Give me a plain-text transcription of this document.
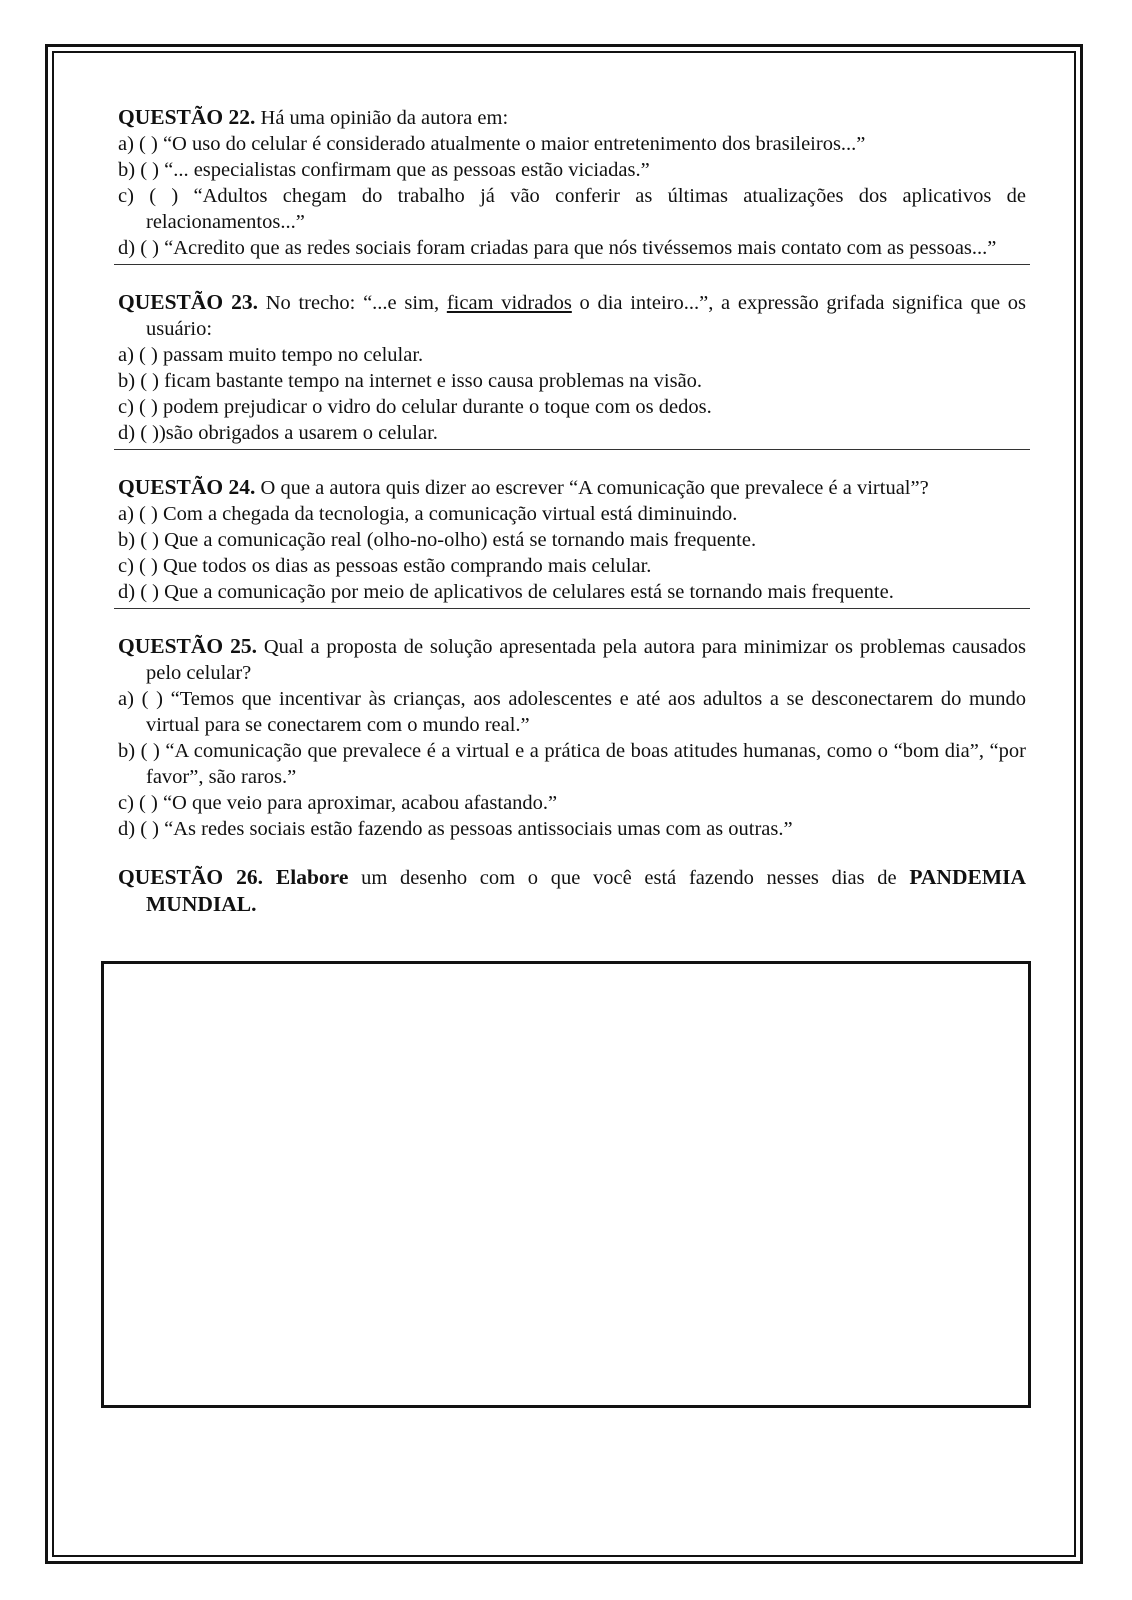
QUESTÃO 22. Há uma opinião da autora em:
a) ( ) “O uso do celular é considerado atualmente o maior entretenimento dos brasileiros...”
b) ( ) “... especialistas confirmam que as pessoas estão viciadas.”
c) ( ) “Adultos chegam do trabalho já vão conferir as últimas atualizações dos aplicativos de relacionamentos...”
d) ( ) “Acredito que as redes sociais foram criadas para que nós tivéssemos mais contato com as pessoas...”
QUESTÃO 23. No trecho: “...e sim, ficam vidrados o dia inteiro...”, a expressão grifada significa que os usuário:
a) ( ) passam muito tempo no celular.
b) ( ) ficam bastante tempo na internet e isso causa problemas na visão.
c) ( ) podem prejudicar o vidro do celular durante o toque com os dedos.
d) ( ))são obrigados a usarem o celular.
QUESTÃO 24. O que a autora quis dizer ao escrever “A comunicação que prevalece é a virtual”?
a) ( ) Com a chegada da tecnologia, a comunicação virtual está diminuindo.
b) ( ) Que a comunicação real (olho-no-olho) está se tornando mais frequente.
c) ( ) Que todos os dias as pessoas estão comprando mais celular.
d) ( ) Que a comunicação por meio de aplicativos de celulares está se tornando mais frequente.
QUESTÃO 25. Qual a proposta de solução apresentada pela autora para minimizar os problemas causados pelo celular?
a) ( ) “Temos que incentivar às crianças, aos adolescentes e até aos adultos a se desconectarem do mundo virtual para se conectarem com o mundo real.”
b) ( ) “A comunicação que prevalece é a virtual e a prática de boas atitudes humanas, como o “bom dia”, “por favor”, são raros.”
c) ( ) “O que veio para aproximar, acabou afastando.”
d) ( ) “As redes sociais estão fazendo as pessoas antissociais umas com as outras.”
QUESTÃO 26. Elabore um desenho com o que você está fazendo nesses dias de PANDEMIA MUNDIAL.
